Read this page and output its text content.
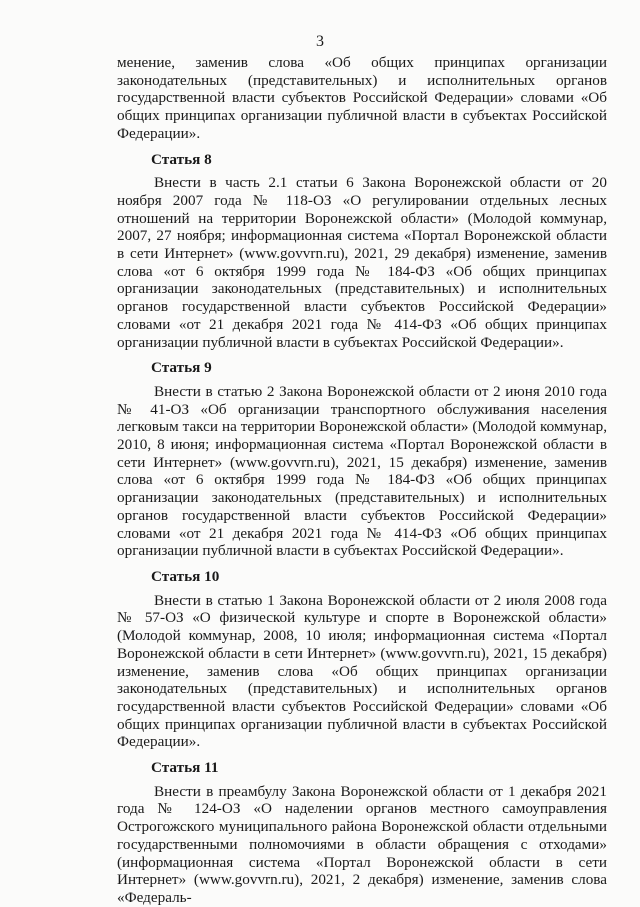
3

менение, заменив слова «Об общих принципах организации законодательных (представительных) и исполнительных органов государственной власти субъектов Российской Федерации» словами «Об общих принципах организации публичной власти в субъектах Российской Федерации».

Статья 8

Внести в часть 2.1 статьи 6 Закона Воронежской области от 20 ноября 2007 года № 118-ОЗ «О регулировании отдельных лесных отношений на территории Воронежской области» (Молодой коммунар, 2007, 27 ноября; информационная система «Портал Воронежской области в сети Интернет» (www.govvrn.ru), 2021, 29 декабря) изменение, заменив слова «от 6 октября 1999 года № 184-ФЗ «Об общих принципах организации законодательных (представительных) и исполнительных органов государственной власти субъектов Российской Федерации» словами «от 21 декабря 2021 года № 414-ФЗ «Об общих принципах организации публичной власти в субъектах Российской Федерации».

Статья 9

Внести в статью 2 Закона Воронежской области от 2 июня 2010 года № 41-ОЗ «Об организации транспортного обслуживания населения легковым такси на территории Воронежской области» (Молодой коммунар, 2010, 8 июня; информационная система «Портал Воронежской области в сети Интернет» (www.govvrn.ru), 2021, 15 декабря) изменение, заменив слова «от 6 октября 1999 года № 184-ФЗ «Об общих принципах организации законодательных (представительных) и исполнительных органов государственной власти субъектов Российской Федерации» словами «от 21 декабря 2021 года № 414-ФЗ «Об общих принципах организации публичной власти в субъектах Российской Федерации».

Статья 10

Внести в статью 1 Закона Воронежской области от 2 июля 2008 года № 57-ОЗ «О физической культуре и спорте в Воронежской области» (Молодой коммунар, 2008, 10 июля; информационная система «Портал Воронежской области в сети Интернет» (www.govvrn.ru), 2021, 15 декабря) изменение, заменив слова «Об общих принципах организации законодательных (представительных) и исполнительных органов государственной власти субъектов Российской Федерации» словами «Об общих принципах организации публичной власти в субъектах Российской Федерации».

Статья 11

Внести в преамбулу Закона Воронежской области от 1 декабря 2021 года № 124-ОЗ «О наделении органов местного самоуправления Острогожского муниципального района Воронежской области отдельными государственными полномочиями в области обращения с отходами» (информационная система «Портал Воронежской области в сети Интернет» (www.govvrn.ru), 2021, 2 декабря) изменение, заменив слова «Федераль-
